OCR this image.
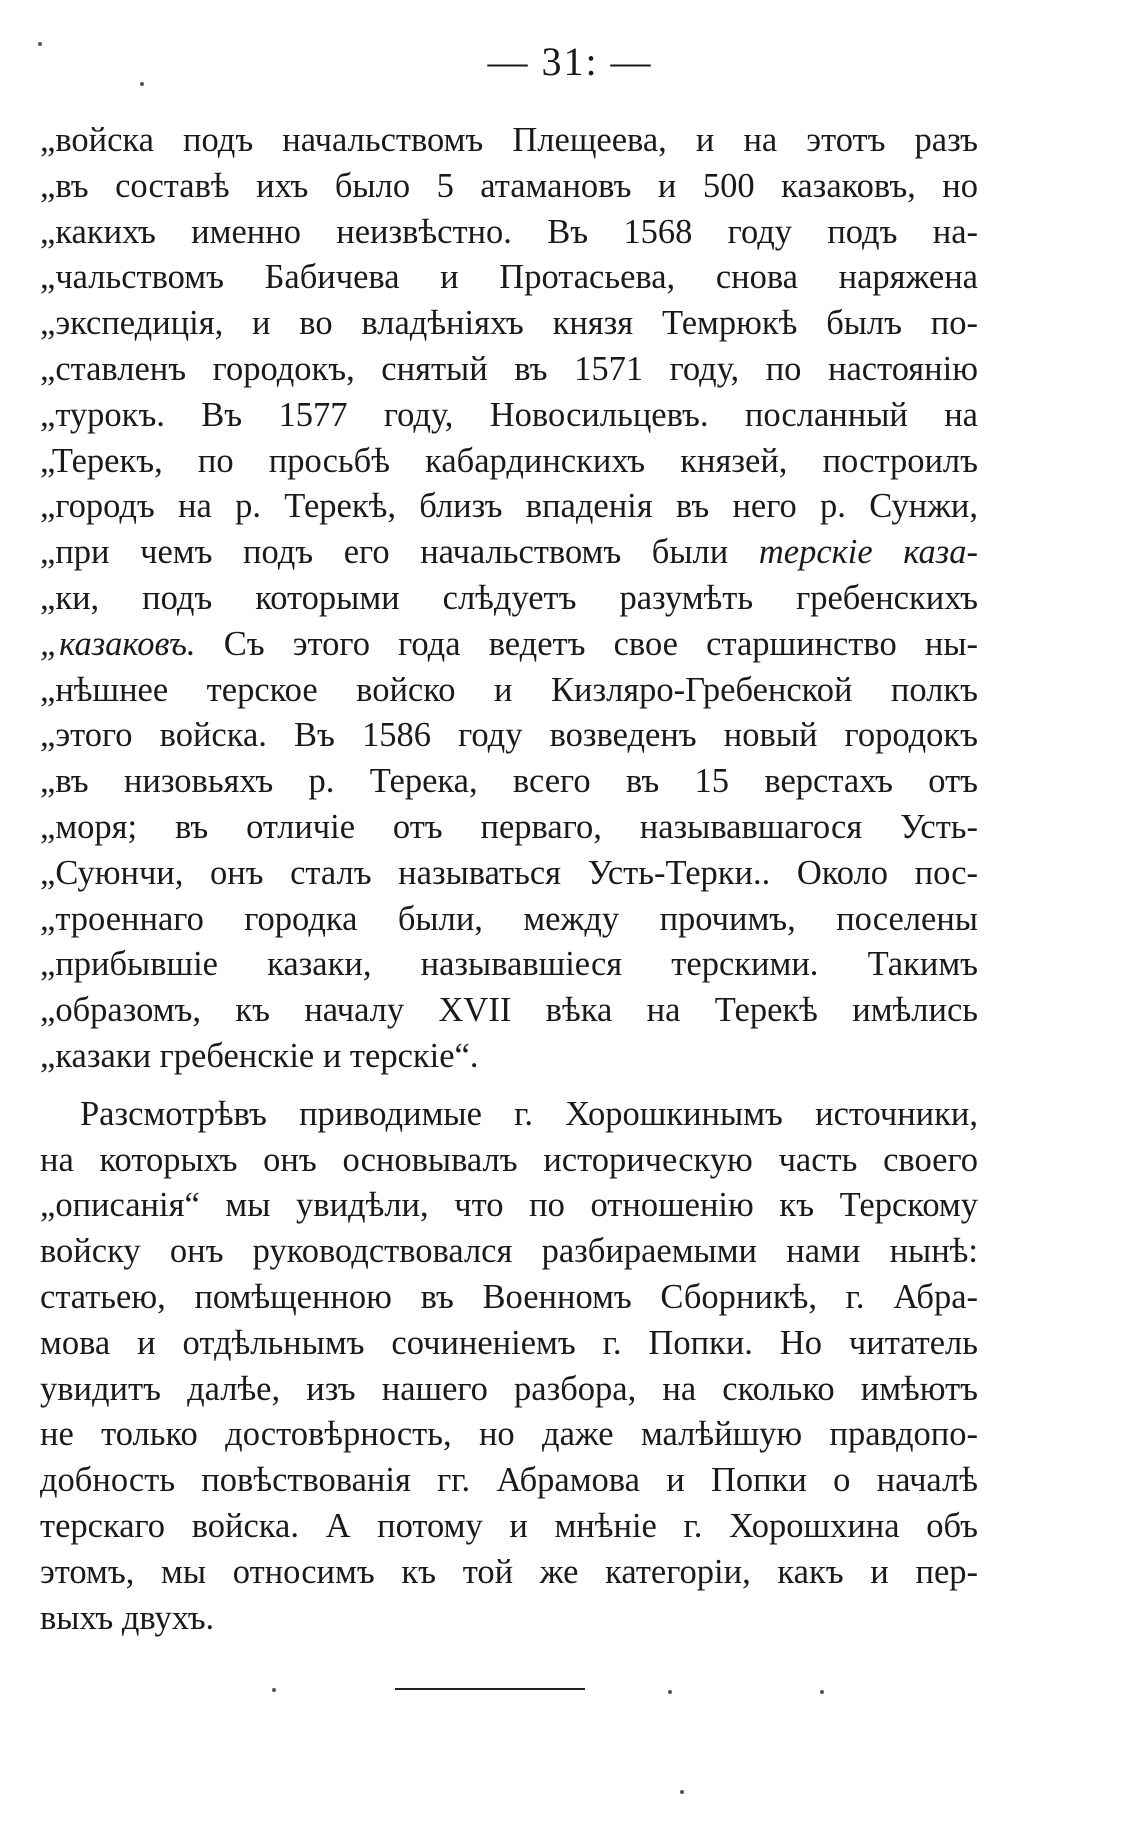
— 31: —
„войска подъ начальствомъ Плещеева, и на этотъ разъ
„въ составѣ ихъ было 5 атамановъ и 500 казаковъ, но
„какихъ именно неизвѣстно. Въ 1568 году подъ на-
„чальствомъ Бабичева и Протасьева, снова наряжена
„экспедиція, и во владѣніяхъ князя Темрюкѣ былъ по-
„ставленъ городокъ, снятый въ 1571 году, по настоянію
„турокъ. Въ 1577 году, Новосильцевъ. посланный на
„Терекъ, по просьбѣ кабардинскихъ князей, построилъ
„городъ на р. Терекѣ, близъ впаденія въ него р. Сунжи,
„при чемъ подъ его начальствомъ были терскіе каза-
„ки, подъ которыми слѣдуетъ разумѣть гребенскихъ
„казаковъ. Съ этого года ведетъ свое старшинство ны-
„нѣшнее терское войско и Кизляро-Гребенской полкъ
„этого войска. Въ 1586 году возведенъ новый городокъ
„въ низовьяхъ р. Терека, всего въ 15 верстахъ отъ
„моря; въ отличіе отъ перваго, называвшагося Усть-
„Суюнчи, онъ сталъ называться Усть-Терки.. Около пос-
„троеннаго городка были, между прочимъ, поселены
„прибывшіе казаки, называвшіеся терскими. Такимъ
„образомъ, къ началу XVII вѣка на Терекѣ имѣлись
„казаки гребенскіе и терскіе“.
Разсмотрѣвъ приводимые г. Хорошкинымъ источники,
на которыхъ онъ основывалъ историческую часть своего
„описанія“ мы увидѣли, что по отношенію къ Терскому
войску онъ руководствовался разбираемыми нами нынѣ:
статьею, помѣщенною въ Военномъ Сборникѣ, г. Абра-
мова и отдѣльнымъ сочиненіемъ г. Попки. Но читатель
увидитъ далѣе, изъ нашего разбора, на сколько имѣютъ
не только достовѣрность, но даже малѣйшую правдопо-
добность повѣствованія гг. Абрамова и Попки о началѣ
терскаго войска. А потому и мнѣніе г. Хорошхина объ
этомъ, мы относимъ къ той же категоріи, какъ и пер-
выхъ двухъ.
